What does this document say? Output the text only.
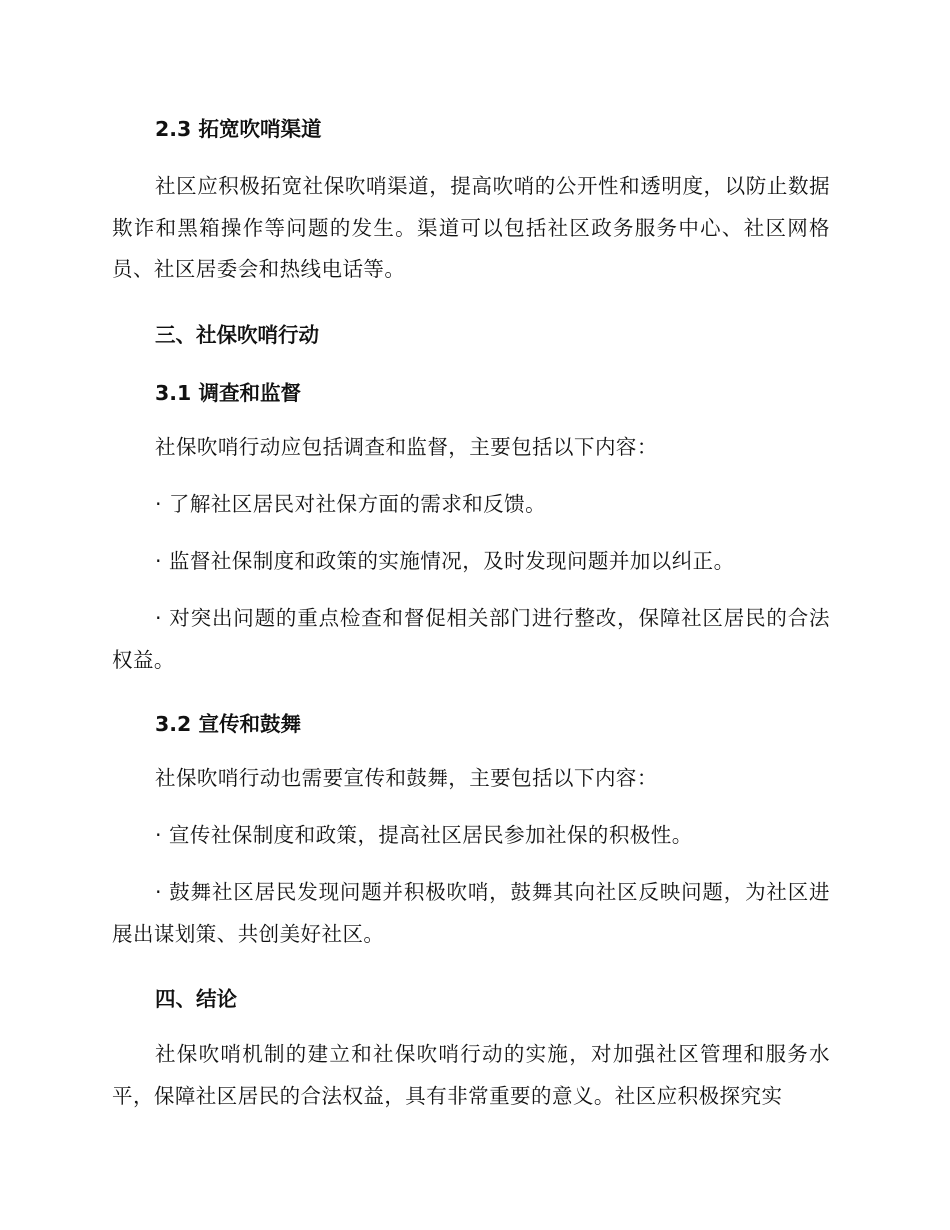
2.3 拓宽吹哨渠道

社区应积极拓宽社保吹哨渠道，提高吹哨的公开性和透明度，以防止数据欺诈和黑箱操作等问题的发生。渠道可以包括社区政务服务中心、社区网格员、社区居委会和热线电话等。

三、社保吹哨行动
3.1 调查和监督

社保吹哨行动应包括调查和监督，主要包括以下内容：

· 了解社区居民对社保方面的需求和反馈。

· 监督社保制度和政策的实施情况，及时发现问题并加以纠正。

· 对突出问题的重点检查和督促相关部门进行整改，保障社区居民的合法权益。

3.2 宣传和鼓舞

社保吹哨行动也需要宣传和鼓舞，主要包括以下内容：

· 宣传社保制度和政策，提高社区居民参加社保的积极性。

· 鼓舞社区居民发现问题并积极吹哨，鼓舞其向社区反映问题，为社区进展出谋划策、共创美好社区。

四、结论

社保吹哨机制的建立和社保吹哨行动的实施，对加强社区管理和服务水平，保障社区居民的合法权益，具有非常重要的意义。社区应积极探究实
